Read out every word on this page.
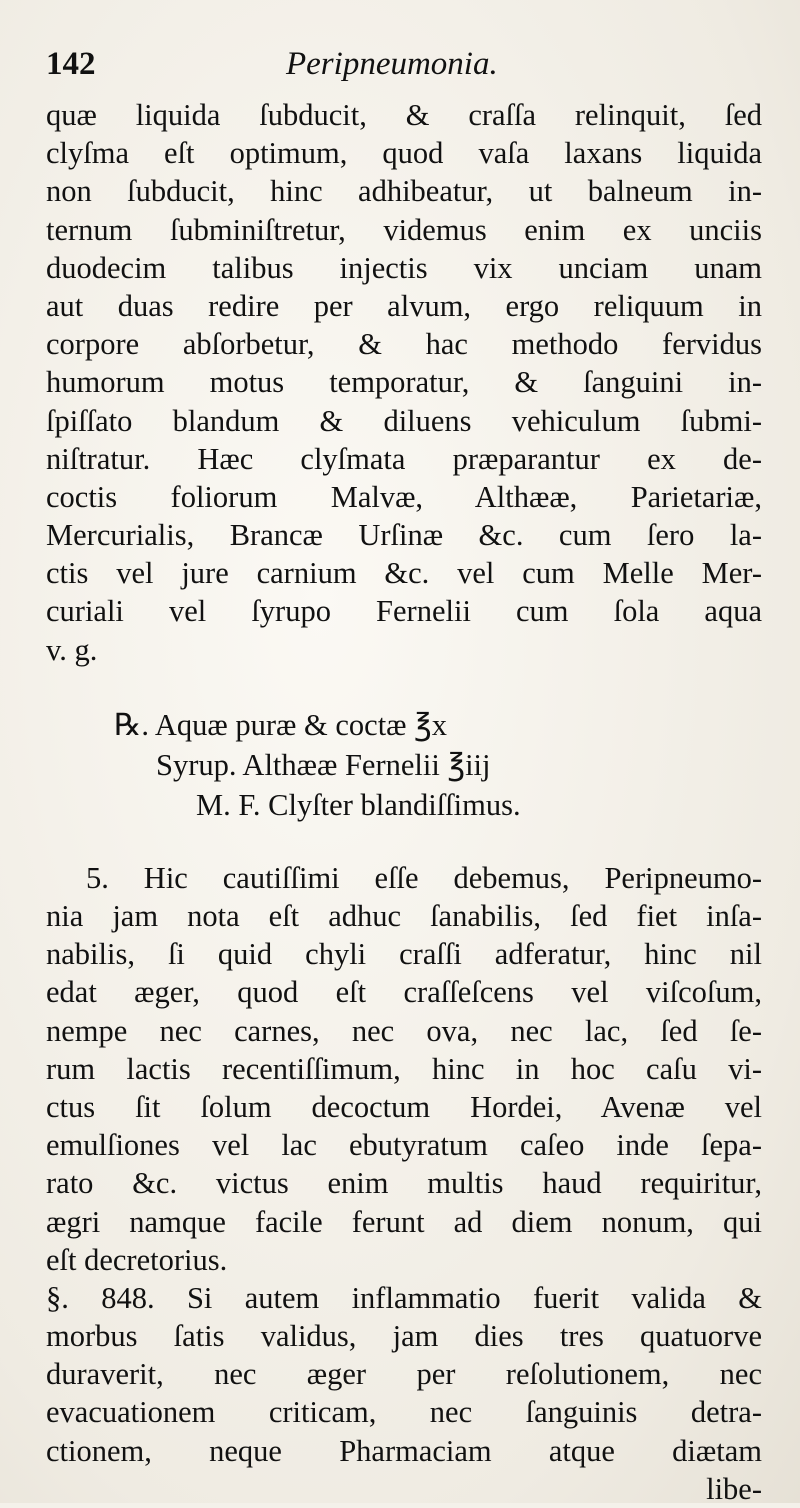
142	Peripneumonia.
quæ liquida ſubducit, & craſſa relinquit, ſed
clyſma eſt optimum, quod vaſa laxans liquida
non ſubducit, hinc adhibeatur, ut balneum in-
ternum ſubminiſtretur, videmus enim ex unciis
duodecim talibus injectis vix unciam unam
aut duas redire per alvum, ergo reliquum in
corpore abſorbetur, & hac methodo fervidus
humorum motus temporatur, & ſanguini in-
ſpiſſato blandum & diluens vehiculum ſubmi-
niſtratur. Hæc clyſmata præparantur ex de-
coctis foliorum Malvæ, Althææ, Parietariæ,
Mercurialis, Brancæ Urſinæ &c. cum ſero la-
ctis vel jure carnium &c. vel cum Melle Mer-
curiali vel ſyrupo Fernelii cum ſola aqua
v. g.
℞. Aquæ puræ & coctæ ℥x
Syrup. Althææ Fernelii ℥iij
M. F. Clyſter blandiſſimus.
5. Hic cautiſſimi eſſe debemus, Peripneumo-
nia jam nota eſt adhuc ſanabilis, ſed fiet inſa-
nabilis, ſi quid chyli craſſi adferatur, hinc nil
edat æger, quod eſt craſſeſcens vel viſcoſum,
nempe nec carnes, nec ova, nec lac, ſed ſe-
rum lactis recentiſſimum, hinc in hoc caſu vi-
ctus ſit ſolum decoctum Hordei, Avenæ vel
emulſiones vel lac ebutyratum caſeo inde ſepa-
rato &c. victus enim multis haud requiritur,
ægri namque facile ferunt ad diem nonum, qui
eſt decretorius.
§. 848. Si autem inflammatio fuerit valida &
morbus ſatis validus, jam dies tres quatuorve
duraverit, nec æger per reſolutionem, nec
evacuationem criticam, nec ſanguinis detra-
ctionem, neque Pharmaciam atque diætam
libe-
